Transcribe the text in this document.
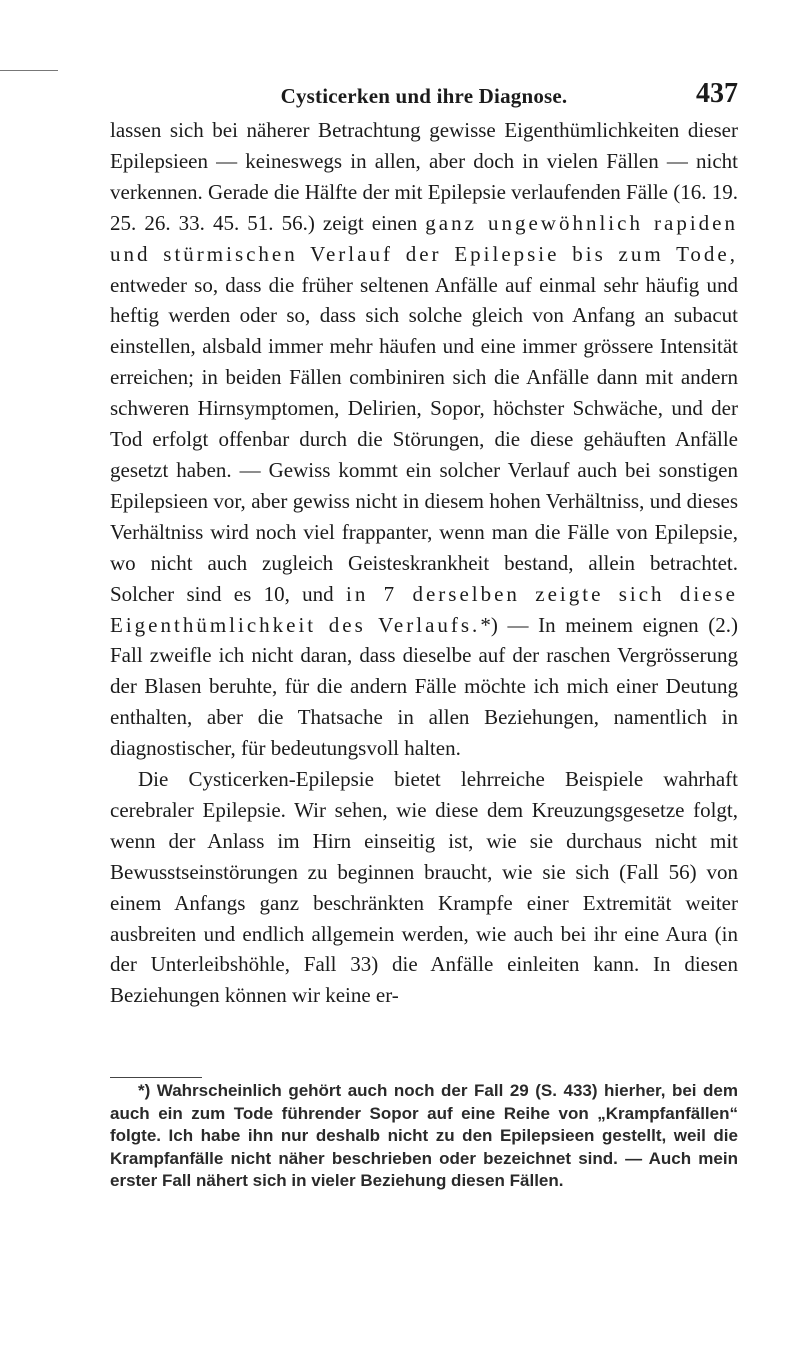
Cysticerken und ihre Diagnose.	437

lassen sich bei näherer Betrachtung gewisse Eigenthümlichkeiten dieser Epilepsieen — keineswegs in allen, aber doch in vielen Fällen — nicht verkennen. Gerade die Hälfte der mit Epilepsie verlaufenden Fälle (16. 19. 25. 26. 33. 45. 51. 56.) zeigt einen ganz ungewöhnlich rapiden und stürmischen Verlauf der Epilepsie bis zum Tode, entweder so, dass die früher seltenen Anfälle auf einmal sehr häufig und heftig werden oder so, dass sich solche gleich von Anfang an subacut einstellen, alsbald immer mehr häufen und eine immer grössere Intensität erreichen; in beiden Fällen combiniren sich die Anfälle dann mit andern schweren Hirnsymptomen, Delirien, Sopor, höchster Schwäche, und der Tod erfolgt offenbar durch die Störungen, die diese gehäuften Anfälle gesetzt haben. — Gewiss kommt ein solcher Verlauf auch bei sonstigen Epilepsieen vor, aber gewiss nicht in diesem hohen Verhältniss, und dieses Verhältniss wird noch viel frappanter, wenn man die Fälle von Epilepsie, wo nicht auch zugleich Geisteskrankheit bestand, allein betrachtet. Solcher sind es 10, und in 7 derselben zeigte sich diese Eigenthümlichkeit des Verlaufs.*) — In meinem eignen (2.) Fall zweifle ich nicht daran, dass dieselbe auf der raschen Vergrösserung der Blasen beruhte, für die andern Fälle möchte ich mich einer Deutung enthalten, aber die Thatsache in allen Beziehungen, namentlich in diagnostischer, für bedeutungsvoll halten.

Die Cysticerken-Epilepsie bietet lehrreiche Beispiele wahrhaft cerebraler Epilepsie. Wir sehen, wie diese dem Kreuzungsgesetze folgt, wenn der Anlass im Hirn einseitig ist, wie sie durchaus nicht mit Bewusstseinstörungen zu beginnen braucht, wie sie sich (Fall 56) von einem Anfangs ganz beschränkten Krampfe einer Extremität weiter ausbreiten und endlich allgemein werden, wie auch bei ihr eine Aura (in der Unterleibshöhle, Fall 33) die Anfälle einleiten kann. In diesen Beziehungen können wir keine er-

*) Wahrscheinlich gehört auch noch der Fall 29 (S. 433) hierher, bei dem auch ein zum Tode führender Sopor auf eine Reihe von „Krampfanfällen“ folgte. Ich habe ihn nur deshalb nicht zu den Epilepsieen gestellt, weil die Krampfanfälle nicht näher beschrieben oder bezeichnet sind. — Auch mein erster Fall nähert sich in vieler Beziehung diesen Fällen.
